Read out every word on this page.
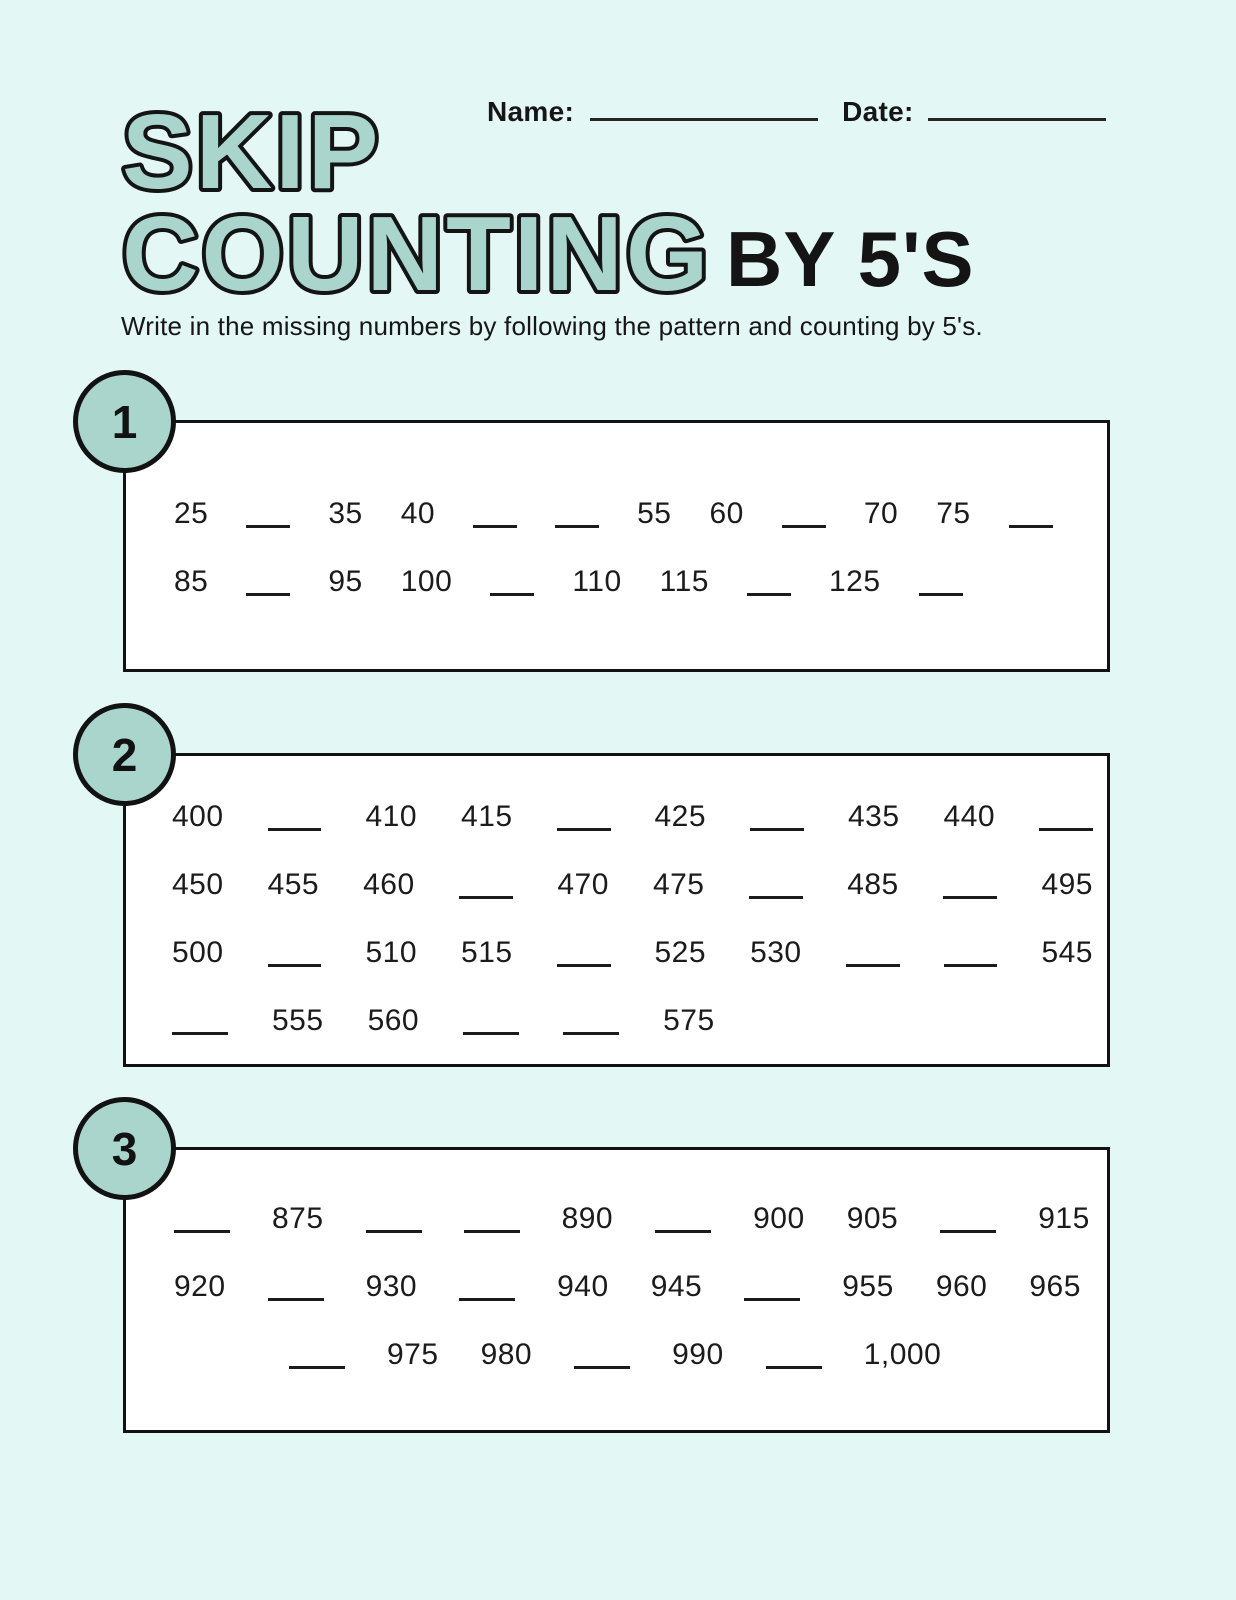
Name:	Date:
SKIP
COUNTING BY 5'S
Write in the missing numbers by following the pattern and counting by 5's.
1
25	35 40	55 60	70 75
85	95 100	110 115	125
2
400	410 415	425	435 440
450 455 460	470 475	485	495
500	510 515	525 530	545
555 560	575
3
875	890	900 905	915
920	930	940 945	955 960 965
975 980	990	1,000
